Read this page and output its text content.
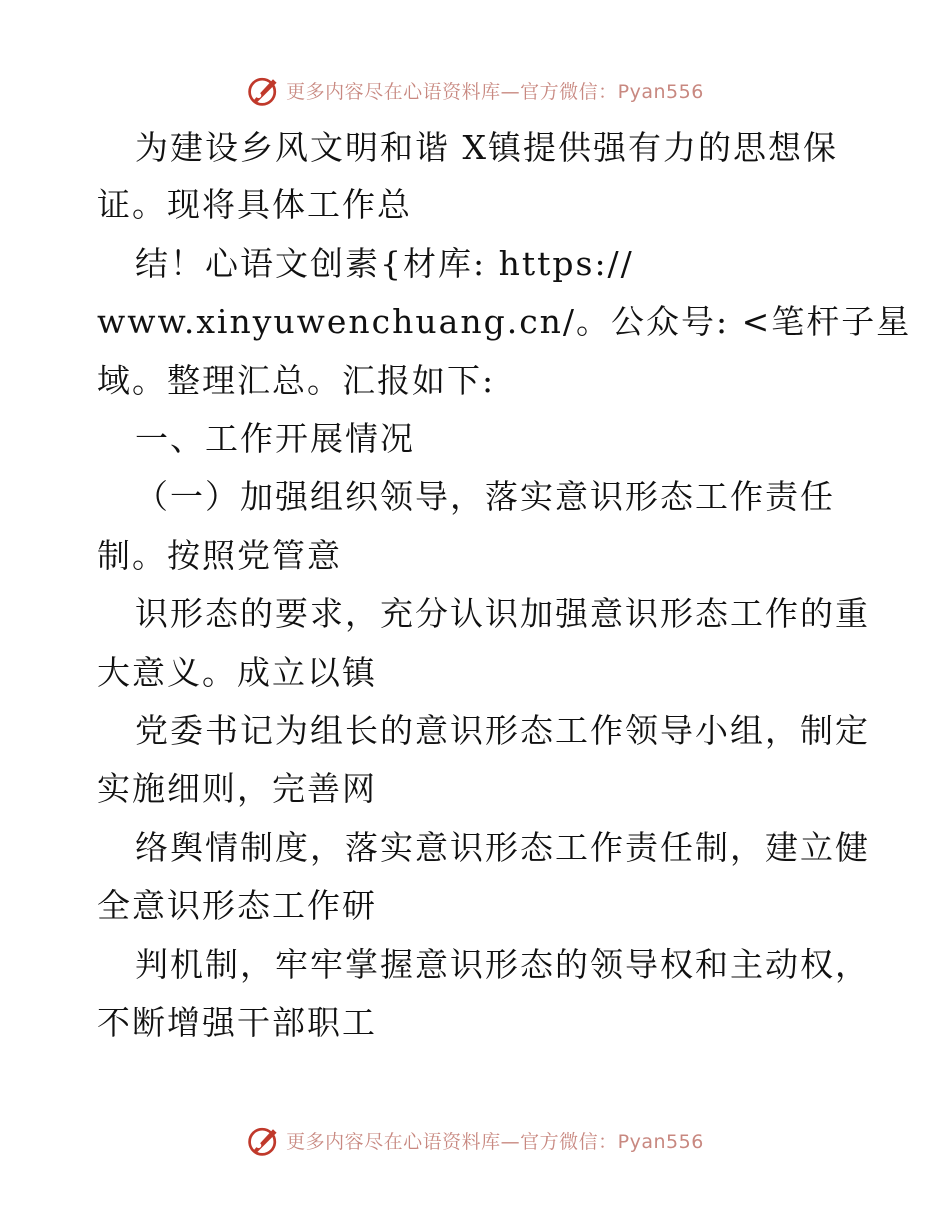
更多内容尽在心语资料库—官方微信：Pyan556
为建设乡风文明和谐 X镇提供强有力的思想保
证。现将具体工作总
结！心语文创素{材库: https://
www.xinyuwenchuang.cn/。公众号: <笔杆子星
域。整理汇总。汇报如下:
一、工作开展情况
（一）加强组织领导，落实意识形态工作责任
制。按照党管意
识形态的要求，充分认识加强意识形态工作的重
大意义。成立以镇
党委书记为组长的意识形态工作领导小组，制定
实施细则，完善网
络舆情制度，落实意识形态工作责任制，建立健
全意识形态工作研
判机制，牢牢掌握意识形态的领导权和主动权，
不断增强干部职工
更多内容尽在心语资料库—官方微信：Pyan556
